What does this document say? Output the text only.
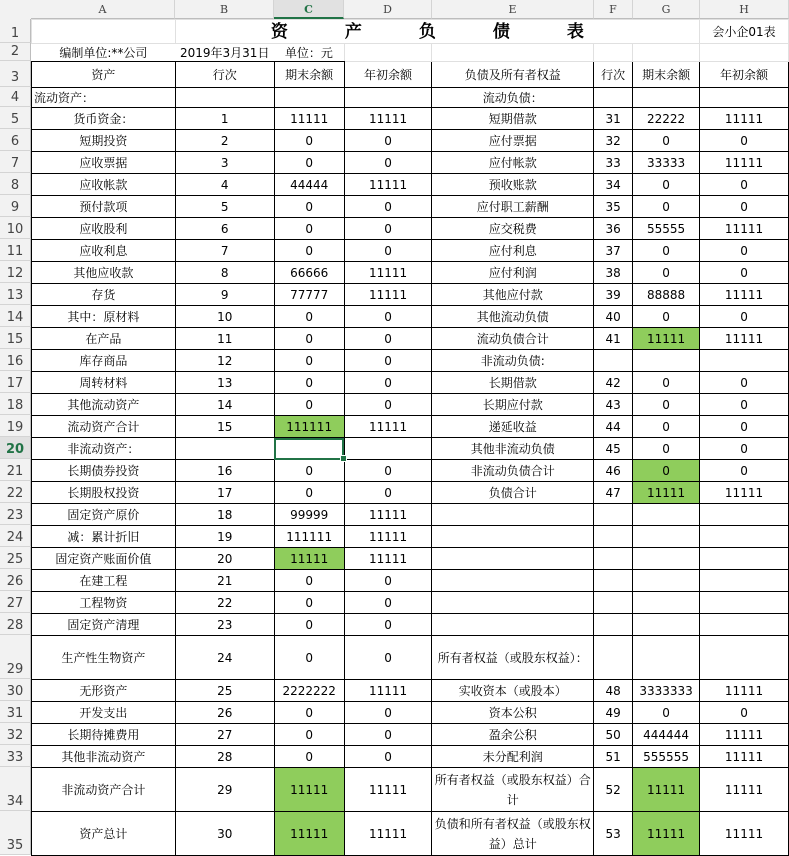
A	B	C	D	E	F	G	H
1
2
3
4
5
6
7
8
9
10
11
12
13
14
15
16
17
18
19
20
21
22
23
24
25
26
27
28
29
30
31
32
33
34
35
	资　产　负　债　表						会小企01表
编制单位:**公司	2019年3月31日	单位：元					
资产	行次	期末余额	年初余额	负债及所有者权益	行次	期末余额	年初余额
流动资产：				流动负债：			
货币资金：	1	11111	11111	短期借款	31	22222	11111
短期投资	2	0	0	应付票据	32	0	0
应收票据	3	0	0	应付帐款	33	33333	11111
应收帐款	4	44444	11111	预收账款	34	0	0
预付款项	5	0	0	应付职工薪酬	35	0	0
应收股利	6	0	0	应交税费	36	55555	11111
应收利息	7	0	0	应付利息	37	0	0
其他应收款	8	66666	11111	应付利润	38	0	0
存货	9	77777	11111	其他应付款	39	88888	11111
其中：原材料	10	0	0	其他流动负债	40	0	0
在产品	11	0	0	流动负债合计	41	11111	11111
库存商品	12	0	0	非流动负债:			
周转材料	13	0	0	长期借款	42	0	0
其他流动资产	14	0	0	长期应付款	43	0	0
流动资产合计	15	111111	11111	递延收益	44	0	0
非流动资产：				其他非流动负债	45	0	0
长期债券投资	16	0	0	非流动负债合计	46	0	0
长期股权投资	17	0	0	负债合计	47	11111	11111
固定资产原价	18	99999	11111				
减：累计折旧	19	111111	11111				
固定资产账面价值	20	11111	11111				
在建工程	21	0	0				
工程物资	22	0	0				
固定资产清理	23	0	0				
生产性生物资产	24	0	0	所有者权益（或股东权益）：			
无形资产	25	2222222	11111	实收资本（或股本）	48	3333333	11111
开发支出	26	0	0	资本公积	49	0	0
长期待摊费用	27	0	0	盈余公积	50	444444	11111
其他非流动资产	28	0	0	未分配利润	51	555555	11111
非流动资产合计	29	11111	11111	所有者权益（或股东权益）合计	52	11111	11111
资产总计	30	11111	11111	负债和所有者权益（或股东权益）总计	53	11111	11111
